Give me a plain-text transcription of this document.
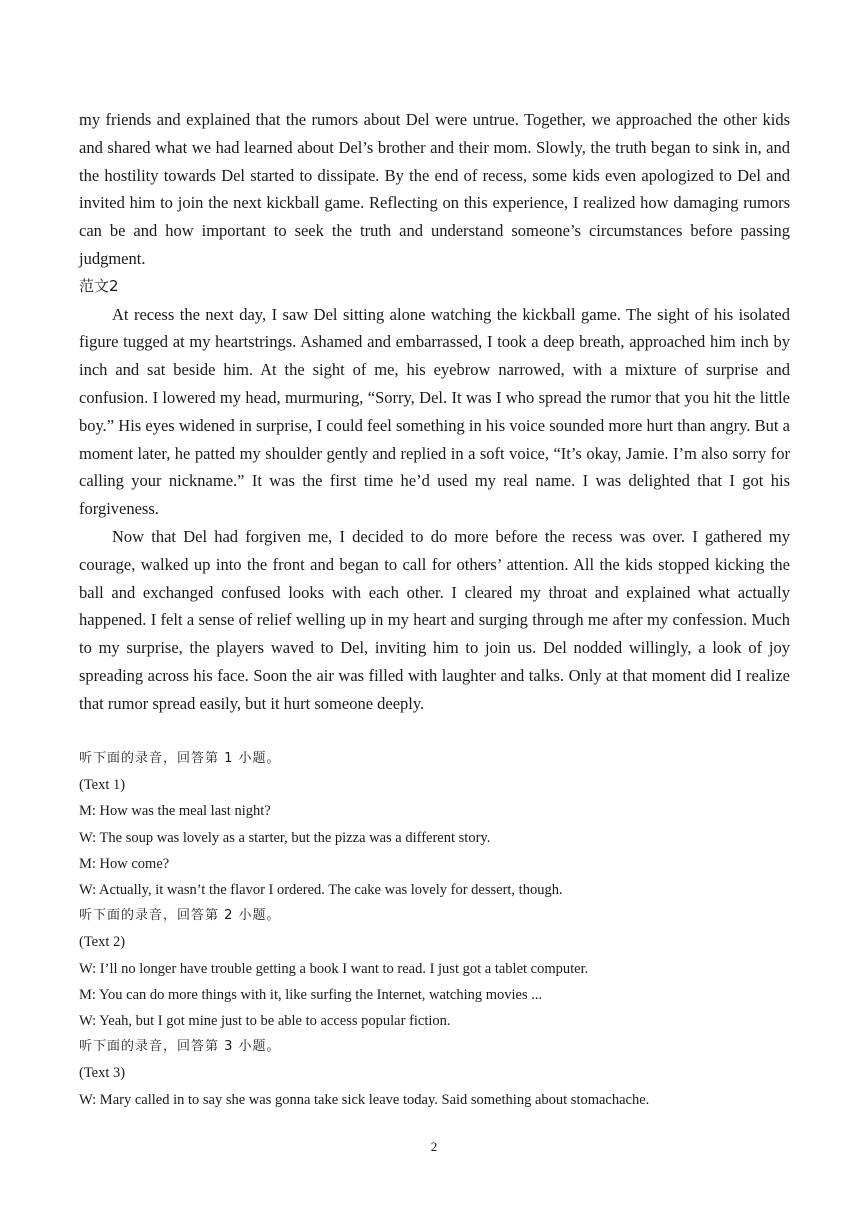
my friends and explained that the rumors about Del were untrue. Together, we approached the other kids and shared what we had learned about Del’s brother and their mom. Slowly, the truth began to sink in, and the hostility towards Del started to dissipate. By the end of recess, some kids even apologized to Del and invited him to join the next kickball game. Reflecting on this experience, I realized how damaging rumors can be and how important to seek the truth and understand someone’s circumstances before passing judgment.

范文2

At recess the next day, I saw Del sitting alone watching the kickball game. The sight of his isolated figure tugged at my heartstrings. Ashamed and embarrassed, I took a deep breath, approached him inch by inch and sat beside him. At the sight of me, his eyebrow narrowed, with a mixture of surprise and confusion. I lowered my head, murmuring, “Sorry, Del. It was I who spread the rumor that you hit the little boy.” His eyes widened in surprise, I could feel something in his voice sounded more hurt than angry. But a moment later, he patted my shoulder gently and replied in a soft voice, “It’s okay, Jamie. I’m also sorry for calling your nickname.” It was the first time he’d used my real name. I was delighted that I got his forgiveness.

Now that Del had forgiven me, I decided to do more before the recess was over. I gathered my courage, walked up into the front and began to call for others’ attention. All the kids stopped kicking the ball and exchanged confused looks with each other. I cleared my throat and explained what actually happened. I felt a sense of relief welling up in my heart and surging through me after my confession. Much to my surprise, the players waved to Del, inviting him to join us. Del nodded willingly, a look of joy spreading across his face. Soon the air was filled with laughter and talks. Only at that moment did I realize that rumor spread easily, but it hurt someone deeply.

听下面的录音，回答第 1 小题。

(Text 1)

M: How was the meal last night?

W: The soup was lovely as a starter, but the pizza was a different story.

M: How come?

W: Actually, it wasn’t the flavor I ordered. The cake was lovely for dessert, though.

听下面的录音，回答第 2 小题。

(Text 2)

W: I’ll no longer have trouble getting a book I want to read. I just got a tablet computer.

M: You can do more things with it, like surfing the Internet, watching movies ...

W: Yeah, but I got mine just to be able to access popular fiction.

听下面的录音，回答第 3 小题。

(Text 3)

W: Mary called in to say she was gonna take sick leave today. Said something about stomachache.

2
